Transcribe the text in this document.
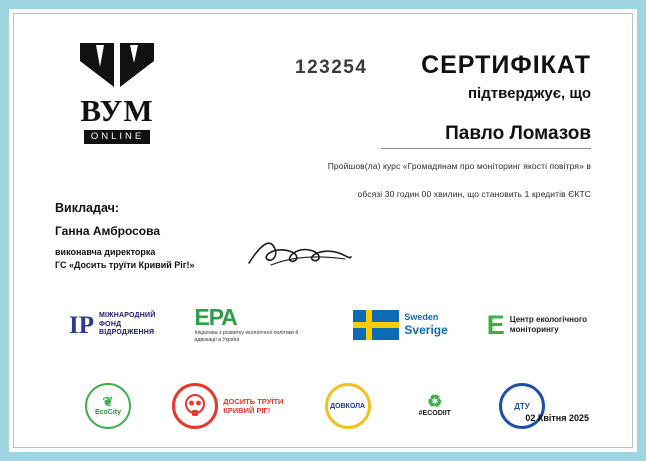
ВУМ
ONLINE
123254 СЕРТИФІКАТ
підтверджує, що
Павло Ломазов
Пройшов(ла) курс «Громадянам про моніторинг якості повітря» в
обсязі 30 годин 00 хвилин, що становить 1 кредитів ЄКТС
Викладач:
Ганна Амбросова
виконавча директорка
ГС «Досить труїти Кривий Ріг!»
ІР МІЖНАРОДНИЙ
ФОНД
ВІДРОДЖЕННЯ
ЕРА
Ініціатива з розвитку екологічної політики й адвокації в Україні
Sweden
Sverige Е Центр екологічного
моніторингу
❦
EcoCity
ДОСИТЬ ТРУЇТИ
КРИВИЙ РІГ!	ДОВКОЛА	♻
#ECODIIT
ДТУ
02 Квітня 2025
